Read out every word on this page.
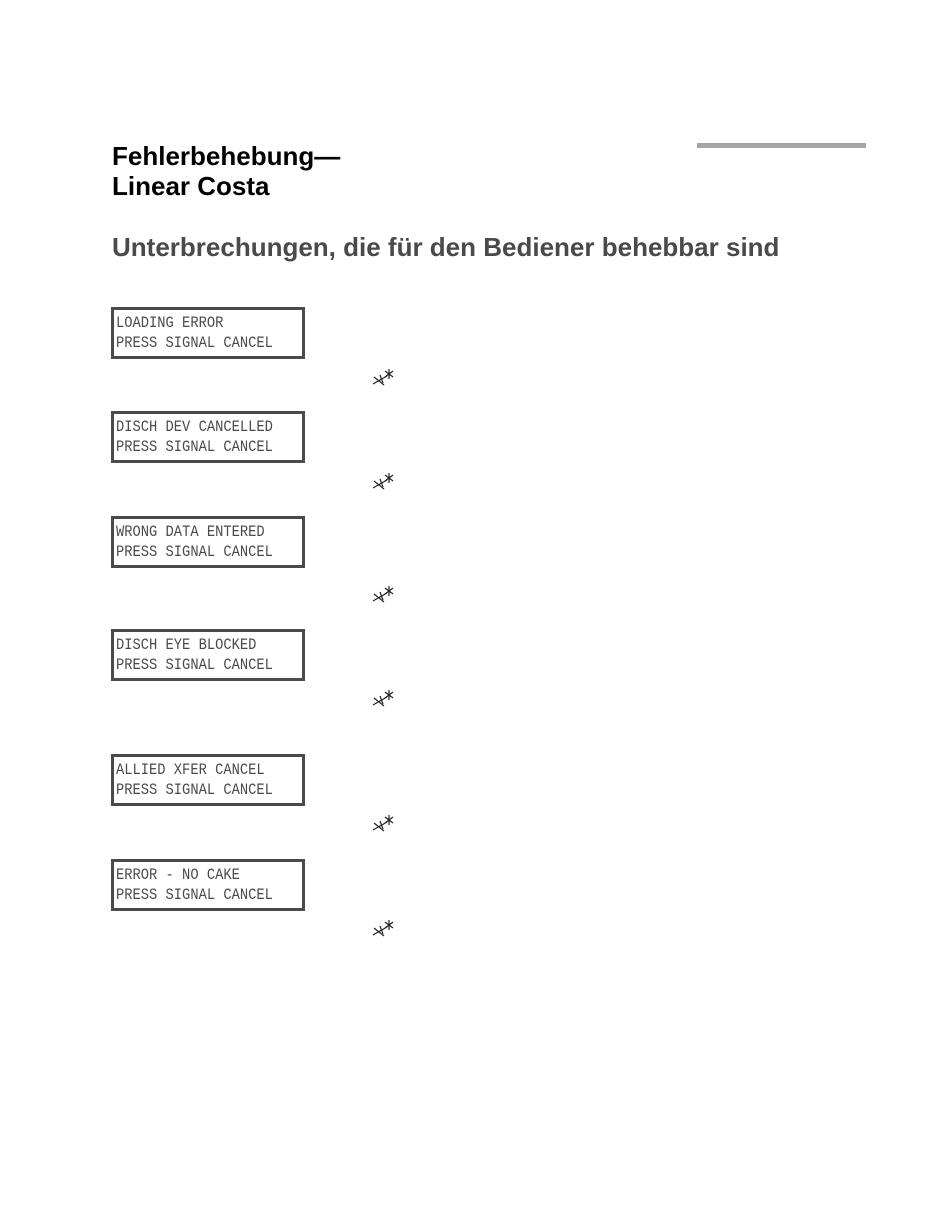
Fehlerbehebung—
Linear Costa
Unterbrechungen, die für den Bediener behebbar sind
LOADING ERROR
PRESS SIGNAL CANCEL
DISCH DEV CANCELLED
PRESS SIGNAL CANCEL
WRONG DATA ENTERED
PRESS SIGNAL CANCEL
DISCH EYE BLOCKED
PRESS SIGNAL CANCEL
ALLIED XFER CANCEL
PRESS SIGNAL CANCEL
ERROR - NO CAKE
PRESS SIGNAL CANCEL
